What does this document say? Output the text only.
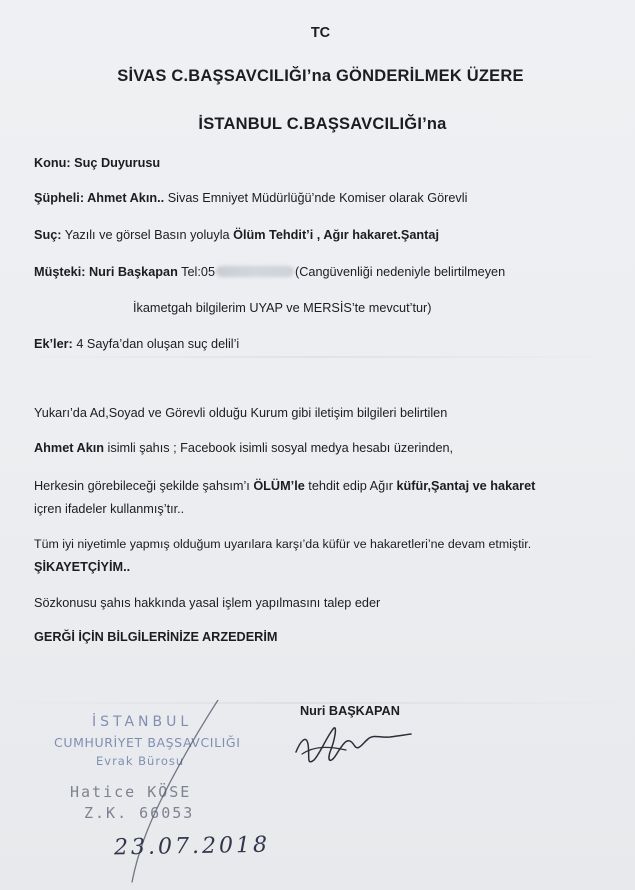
TC
SİVAS C.BAŞSAVCILIĞI’na GÖNDERİLMEK ÜZERE
İSTANBUL C.BAŞSAVCILIĞI’na
Konu: Suç Duyurusu
Şüpheli: Ahmet Akın.. Sivas Emniyet Müdürlüğü’nde Komiser olarak Görevli
Suç: Yazılı ve görsel Basın yoluyla Ölüm Tehdit’i , Ağır hakaret.Şantaj
Müşteki: Nuri Başkapan Tel:05	(Cangüvenliği nedeniyle belirtilmeyen
İkametgah bilgilerim UYAP ve MERSİS’te mevcut’tur)
Ek’ler: 4 Sayfa’dan oluşan suç delil’i
Yukarı’da Ad,Soyad ve Görevli olduğu Kurum gibi iletişim bilgileri belirtilen
Ahmet Akın isimli şahıs ; Facebook isimli sosyal medya hesabı üzerinden,
Herkesin görebileceği şekilde şahsım’ı ÖLÜM’le tehdit edip Ağır küfür,Şantaj ve hakaret
içren ifadeler kullanmış’tır..
Tüm iyi niyetimle yapmış olduğum uyarılara karşı’da küfür ve hakaretleri’ne devam etmiştir.
ŞİKAYETÇİYİM..
Sözkonusu şahıs hakkında yasal işlem yapılmasını talep eder
GERĞİ İÇİN BİLGİLERİNİZE ARZEDERİM
Nuri BAŞKAPAN
İSTANBUL
CUMHURİYET BAŞSAVCILIĞI
Evrak Bürosu
Hatice KÖSE
Z.K. 66053
23.07.2018
